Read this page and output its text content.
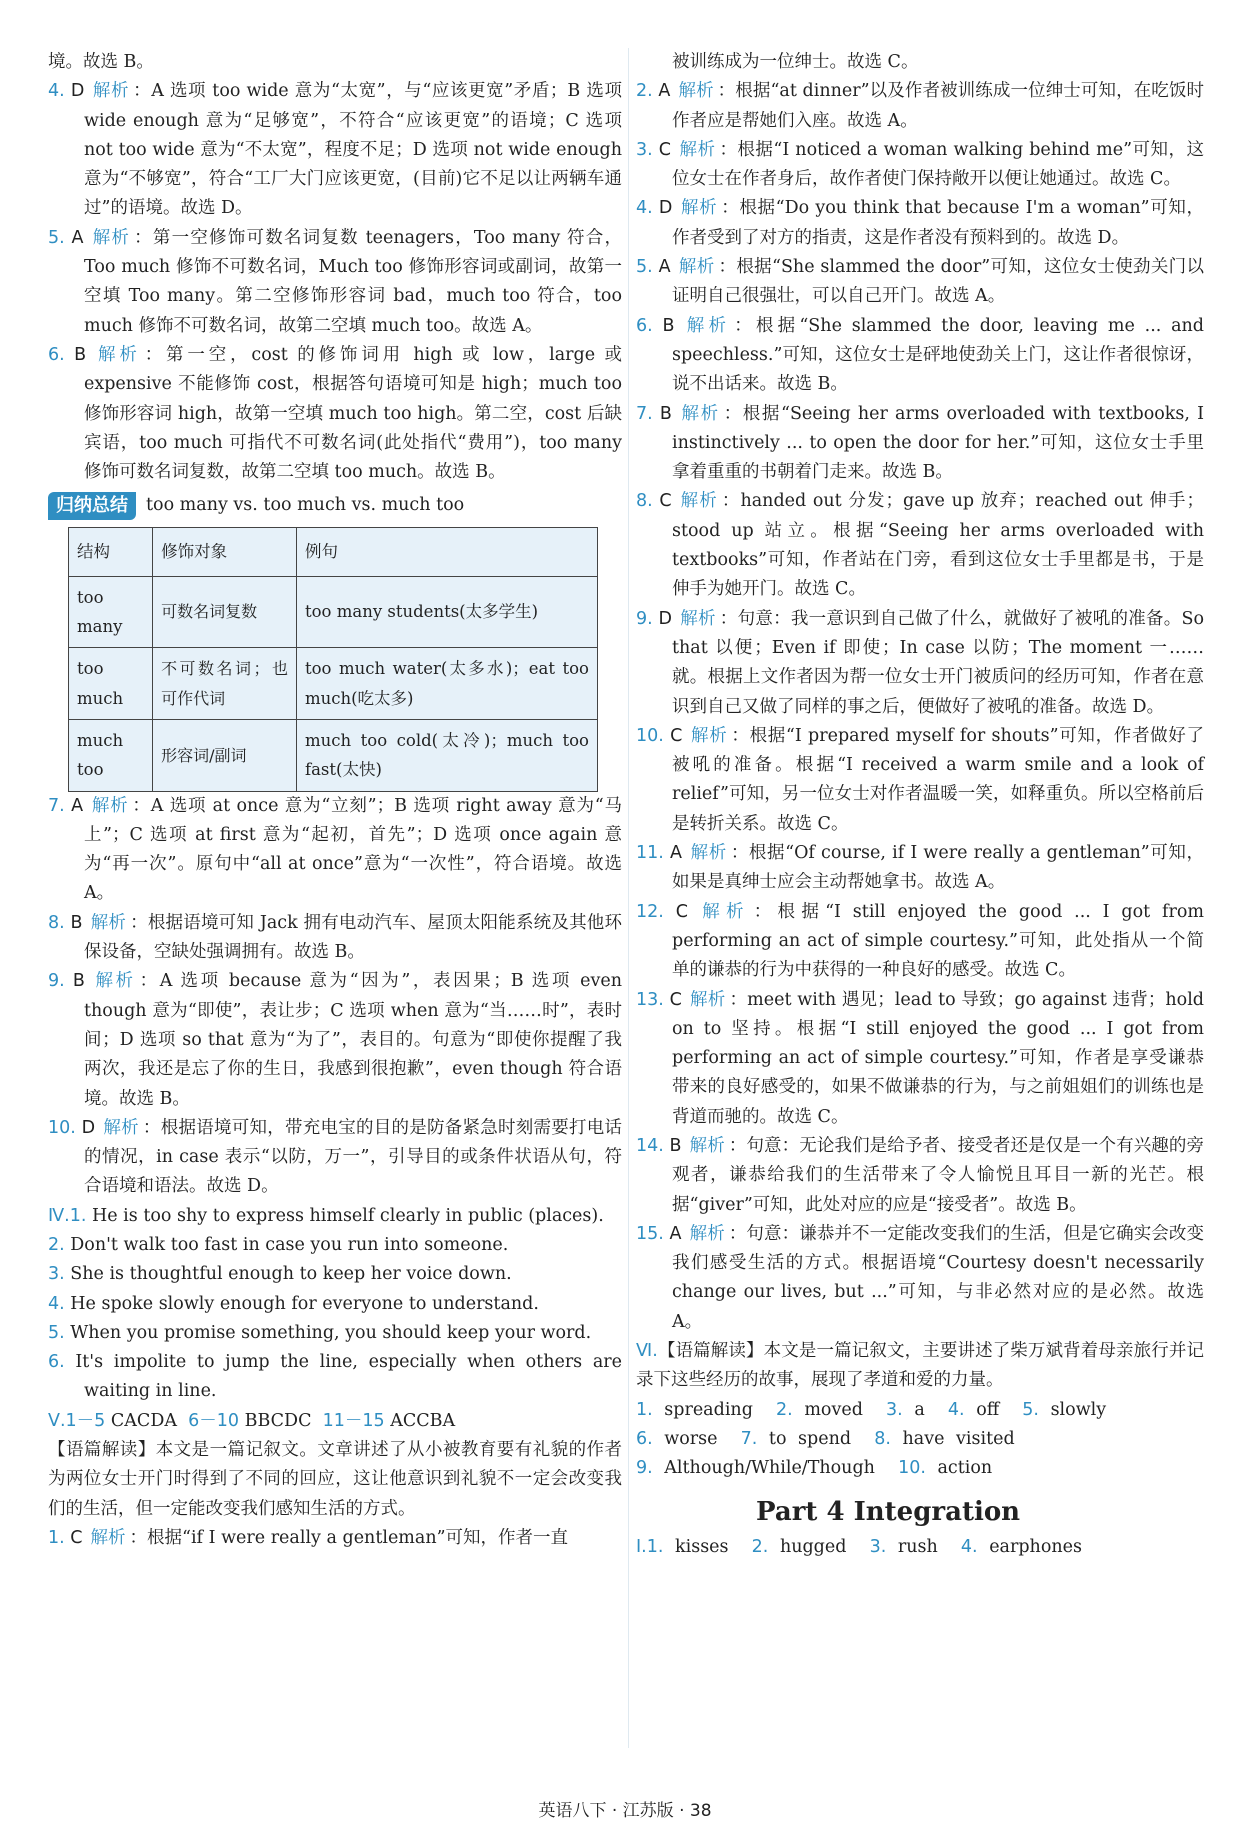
境。故选 B。

4. D 解析 ：A 选项 too wide 意为“太宽”，与“应该更宽”矛盾；B 选项 wide enough 意为“足够宽”，不符合“应该更宽”的语境；C 选项 not too wide 意为“不太宽”，程度不足；D 选项 not wide enough 意为“不够宽”，符合“工厂大门应该更宽，(目前)它不足以让两辆车通过”的语境。故选 D。

5. A 解析 ：第一空修饰可数名词复数 teenagers，Too many 符合，Too much 修饰不可数名词，Much too 修饰形容词或副词，故第一空填 Too many。第二空修饰形容词 bad，much too 符合，too much 修饰不可数名词，故第二空填 much too。故选 A。

6. B 解析 ：第一空，cost 的修饰词用 high 或 low，large 或 expensive 不能修饰 cost，根据答句语境可知是 high；much too 修饰形容词 high，故第一空填 much too high。第二空，cost 后缺宾语，too much 可指代不可数名词(此处指代“费用”)，too many 修饰可数名词复数，故第二空填 too much。故选 B。

归纳总结	too many vs. too much vs. much too
结构	修饰对象	例句
too many	可数名词复数	too many students(太多学生)
too much	不可数名词；也可作代词	too much water(太多水)；eat too much(吃太多)
much too	形容词/副词	much too cold(太冷)；much too fast(太快)

7. A 解析 ：A 选项 at once 意为“立刻”；B 选项 right away 意为“马上”；C 选项 at first 意为“起初，首先”；D 选项 once again 意为“再一次”。原句中“all at once”意为“一次性”，符合语境。故选 A。

8. B 解析 ：根据语境可知 Jack 拥有电动汽车、屋顶太阳能系统及其他环保设备，空缺处强调拥有。故选 B。

9. B 解析 ：A 选项 because 意为“因为”，表因果；B 选项 even though 意为“即使”，表让步；C 选项 when 意为“当……时”，表时间；D 选项 so that 意为“为了”，表目的。句意为“即使你提醒了我两次，我还是忘了你的生日，我感到很抱歉”，even though 符合语境。故选 B。

10. D 解析 ：根据语境可知，带充电宝的目的是防备紧急时刻需要打电话的情况，in case 表示“以防，万一”，引导目的或条件状语从句，符合语境和语法。故选 D。

Ⅳ.1. He is too shy to express himself clearly in public (places).

2. Don't walk too fast in case you run into someone.

3. She is thoughtful enough to keep her voice down.

4. He spoke slowly enough for everyone to understand.

5. When you promise something, you should keep your word.

6. It's impolite to jump the line, especially when others are waiting in line.

Ⅴ.1－5 CACDA 6－10 BBCDC 11－15 ACCBA

【语篇解读】本文是一篇记叙文。文章讲述了从小被教育要有礼貌的作者为两位女士开门时得到了不同的回应，这让他意识到礼貌不一定会改变我们的生活，但一定能改变我们感知生活的方式。

1. C 解析 ：根据“if I were really a gentleman”可知，作者一直

被训练成为一位绅士。故选 C。

2. A 解析 ：根据“at dinner”以及作者被训练成一位绅士可知，在吃饭时作者应是帮她们入座。故选 A。

3. C 解析 ：根据“I noticed a woman walking behind me”可知，这位女士在作者身后，故作者使门保持敞开以便让她通过。故选 C。

4. D 解析 ：根据“Do you think that because I'm a woman”可知，作者受到了对方的指责，这是作者没有预料到的。故选 D。

5. A 解析 ：根据“She slammed the door”可知，这位女士使劲关门以证明自己很强壮，可以自己开门。故选 A。

6. B 解析 ：根据“She slammed the door, leaving me ... and speechless.”可知，这位女士是砰地使劲关上门，这让作者很惊讶，说不出话来。故选 B。

7. B 解析 ：根据“Seeing her arms overloaded with textbooks, I instinctively ... to open the door for her.”可知，这位女士手里拿着重重的书朝着门走来。故选 B。

8. C 解析 ：handed out 分发；gave up 放弃；reached out 伸手；stood up 站立。根据“Seeing her arms overloaded with textbooks”可知，作者站在门旁，看到这位女士手里都是书，于是伸手为她开门。故选 C。

9. D 解析 ：句意：我一意识到自己做了什么，就做好了被吼的准备。So that 以便；Even if 即使；In case 以防；The moment 一……就。根据上文作者因为帮一位女士开门被质问的经历可知，作者在意识到自己又做了同样的事之后，便做好了被吼的准备。故选 D。

10. C 解析 ：根据“I prepared myself for shouts”可知，作者做好了被吼的准备。根据“I received a warm smile and a look of relief”可知，另一位女士对作者温暖一笑，如释重负。所以空格前后是转折关系。故选 C。

11. A 解析 ：根据“Of course, if I were really a gentleman”可知，如果是真绅士应会主动帮她拿书。故选 A。

12. C 解析 ：根据“I still enjoyed the good ... I got from performing an act of simple courtesy.”可知，此处指从一个简单的谦恭的行为中获得的一种良好的感受。故选 C。

13. C 解析 ：meet with 遇见；lead to 导致；go against 违背；hold on to 坚持。根据“I still enjoyed the good ... I got from performing an act of simple courtesy.”可知，作者是享受谦恭带来的良好感受的，如果不做谦恭的行为，与之前姐姐们的训练也是背道而驰的。故选 C。

14. B 解析 ：句意：无论我们是给予者、接受者还是仅是一个有兴趣的旁观者，谦恭给我们的生活带来了令人愉悦且耳目一新的光芒。根据“giver”可知，此处对应的应是“接受者”。故选 B。

15. A 解析 ：句意：谦恭并不一定能改变我们的生活，但是它确实会改变我们感受生活的方式。根据语境“Courtesy doesn't necessarily change our lives, but ...”可知，与非必然对应的是必然。故选 A。

Ⅵ.【语篇解读】本文是一篇记叙文，主要讲述了柴万斌背着母亲旅行并记录下这些经历的故事，展现了孝道和爱的力量。

1. spreading 2. moved 3. a 4. off 5. slowly

6. worse 7. to spend 8. have visited

9. Although/While/Though 10. action

Part 4 Integration

Ⅰ.1. kisses 2. hugged 3. rush 4. earphones

英语八下 · 江苏版 · 38
